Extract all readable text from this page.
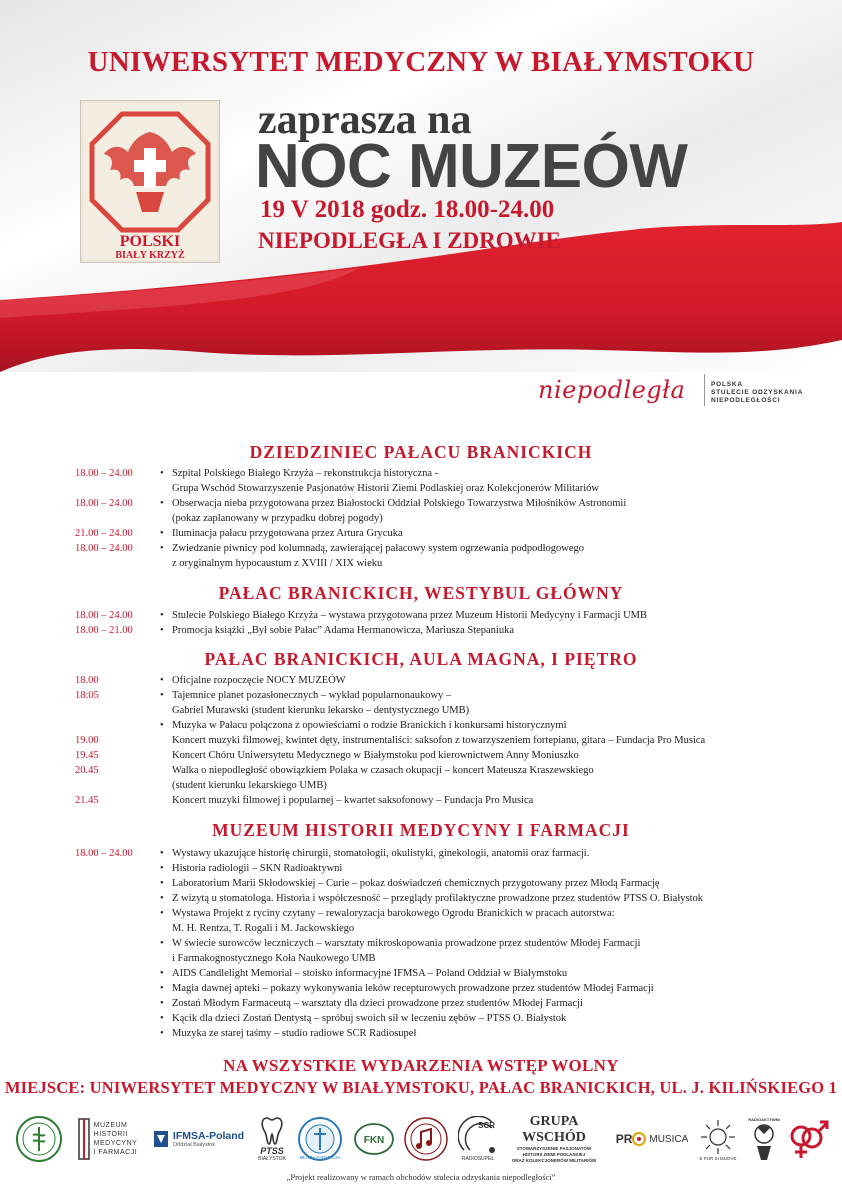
UNIWERSYTET MEDYCZNY W BIAŁYMSTOKU
POLSKI
BIAŁY KRZYŻ
zaprasza na
NOC MUZEÓW
19 V 2018 godz. 18.00-24.00
NIEPODLEGŁA I ZDROWIE
niepodległa	POLSKA
STULECIE ODZYSKANIA
NIEPODLEGŁOŚCI
DZIEDZINIEC PAŁACU BRANICKICH
18.00 – 24.00	• Szpital Polskiego Białego Krzyża – rekonstrukcja historyczna -
Grupa Wschód Stowarzyszenie Pasjonatów Historii Ziemi Podlaskiej oraz Kolekcjonerów Militariów
18.00 – 24.00	• Obserwacja nieba przygotowana przez Białostocki Oddział Polskiego Towarzystwa Miłośników Astronomii
(pokaz zaplanowany w przypadku dobrej pogody)
21.00 – 24.00	• Iluminacja pałacu przygotowana przez Artura Grycuka
18.00 – 24.00	• Zwiedzanie piwnicy pod kolumnadą, zawierającej pałacowy system ogrzewania podpodłogowego
z oryginalnym hypocaustum z XVIII / XIX wieku
PAŁAC BRANICKICH, WESTYBUL GŁÓWNY
18.00 – 24.00	• Stulecie Polskiego Białego Krzyża – wystawa przygotowana przez Muzeum Historii Medycyny i Farmacji UMB
18.00 – 21.00	• Promocja książki „Był sobie Pałac” Adama Hermanowicza, Mariusza Stepaniuka
PAŁAC BRANICKICH, AULA MAGNA, I PIĘTRO
18.00	• Oficjalne rozpoczęcie NOCY MUZEÓW
18:05	• Tajemnice planet pozasłonecznych – wykład popularnonaukowy –
Gabriel Murawski (student kierunku lekarsko – dentystycznego UMB)
• Muzyka w Pałacu połączona z opowieściami o rodzie Branickich i konkursami historycznymi
19.00	Koncert muzyki filmowej, kwintet dęty, instrumentaliści: saksofon z towarzyszeniem fortepianu, gitara – Fundacja Pro Musica
19.45	Koncert Chóru Uniwersytetu Medycznego w Białymstoku pod kierownictwem Anny Moniuszko
20.45	Walka o niepodległość obowiązkiem Polaka w czasach okupacji – koncert Mateusza Kraszewskiego
(student kierunku lekarskiego UMB)
21.45	Koncert muzyki filmowej i popularnej – kwartet saksofonowy – Fundacja Pro Musica
MUZEUM HISTORII MEDYCYNY I FARMACJI
18.00 – 24.00	• Wystawy ukazujące historię chirurgii, stomatologii, okulistyki, ginekologii, anatomii oraz farmacji.
• Historia radiologii – SKN Radioaktywni
• Laboratorium Marii Skłodowskiej – Curie – pokaz doświadczeń chemicznych przygotowany przez Młodą Farmację
• Z wizytą u stomatologa. Historia i współczesność – przeglądy profilaktyczne prowadzone przez studentów PTSS O. Białystok
• Wystawa Projekt z ryciny czytany – rewaloryzacja barokowego Ogrodu Branickich w pracach autorstwa:
M. H. Rentza, T. Rogali i M. Jackowskiego
• W świecie surowców leczniczych – warsztaty mikroskopowania prowadzone przez studentów Młodej Farmacji
i Farmakognostycznego Koła Naukowego UMB
• AIDS Candlelight Memorial – stoisko informacyjne IFMSA – Poland Oddział w Białymstoku
• Magia dawnej apteki – pokazy wykonywania leków recepturowych prowadzone przez studentów Młodej Farmacji
• Zostań Młodym Farmaceutą – warsztaty dla dzieci prowadzone przez studentów Młodej Farmacji
• Kącik dla dzieci Zostań Dentystą – spróbuj swoich sił w leczeniu zębów – PTSS O. Białystok
• Muzyka ze starej taśmy – studio radiowe SCR Radiosupeł
NA WSZYSTKIE WYDARZENIA WSTĘP WOLNY
MIEJSCE: UNIWERSYTET MEDYCZNY W BIAŁYMSTOKU, PAŁAC BRANICKICH, UL. J. KILIŃSKIEGO 1
MUZEUM
HISTORII
MEDYCYNY
I FARMACJI
IFMSA-Poland
Oddział Białystok
PTSS
BIAŁYSTOK	MŁODA FARMACJA
FKN
SCR
RADIOSUPEŁ
GRUPA WSCHÓD
STOWARZYSZENIE PASJONATÓW
HISTORII ZIEMI PODLASKIEJ
ORAZ KOLEKCJONERÓW MILITARIÓW
PR MUSICA
E PUR SI MUOVE
RADIOAKTYWNI
„Projekt realizowany w ramach obchodów stulecia odzyskania niepodległości”
